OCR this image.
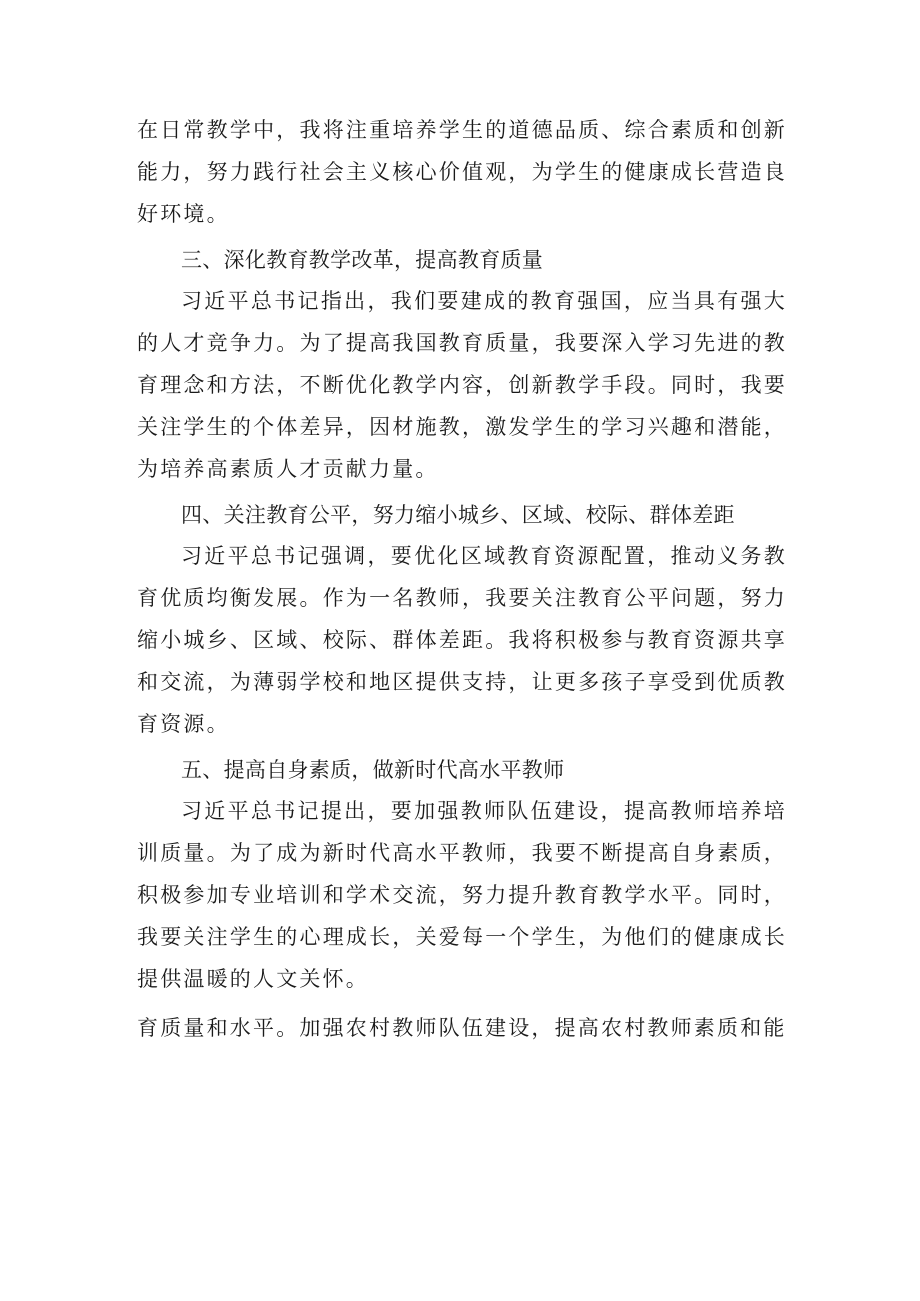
在日常教学中，我将注重培养学生的道德品质、综合素质和创新能力，努力践行社会主义核心价值观，为学生的健康成长营造良好环境。

三、深化教育教学改革，提高教育质量

习近平总书记指出，我们要建成的教育强国，应当具有强大的人才竞争力。为了提高我国教育质量，我要深入学习先进的教育理念和方法，不断优化教学内容，创新教学手段。同时，我要关注学生的个体差异，因材施教，激发学生的学习兴趣和潜能，为培养高素质人才贡献力量。

四、关注教育公平，努力缩小城乡、区域、校际、群体差距

习近平总书记强调，要优化区域教育资源配置，推动义务教育优质均衡发展。作为一名教师，我要关注教育公平问题，努力缩小城乡、区域、校际、群体差距。我将积极参与教育资源共享和交流，为薄弱学校和地区提供支持，让更多孩子享受到优质教育资源。

五、提高自身素质，做新时代高水平教师

习近平总书记提出，要加强教师队伍建设，提高教师培养培训质量。为了成为新时代高水平教师，我要不断提高自身素质，积极参加专业培训和学术交流，努力提升教育教学水平。同时，我要关注学生的心理成长，关爱每一个学生，为他们的健康成长提供温暖的人文关怀。

育质量和水平。加强农村教师队伍建设，提高农村教师素质和能
